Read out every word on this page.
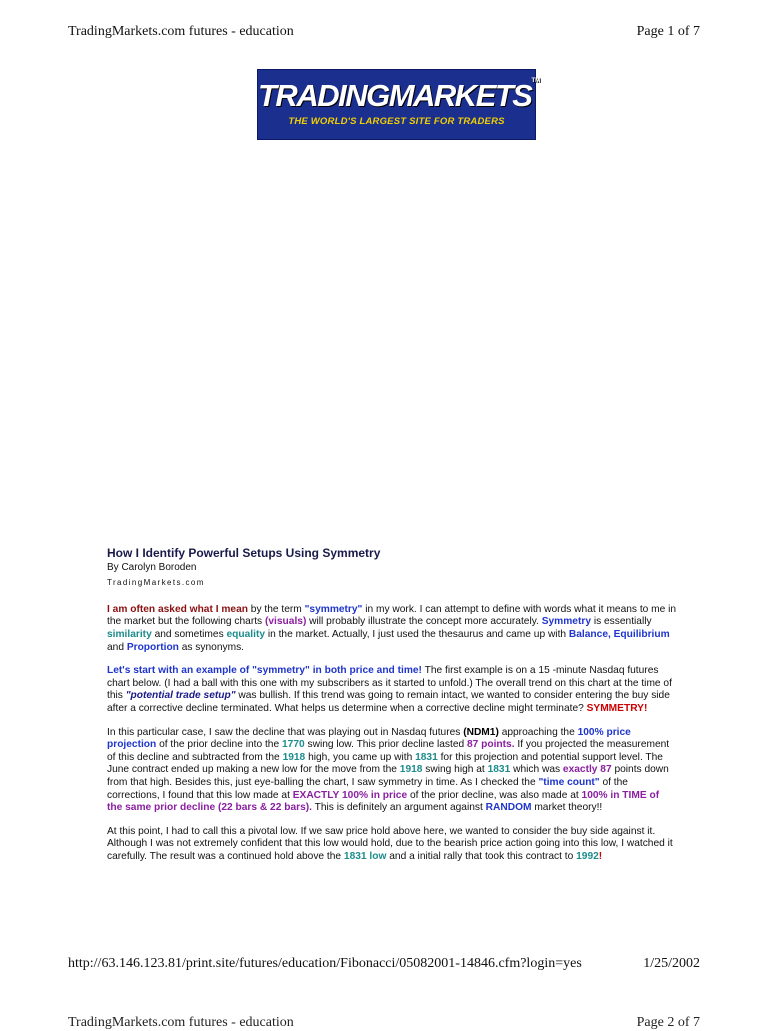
TradingMarkets.com futures - education	Page 1 of 7
TRADINGMARKETS™
THE WORLD'S LARGEST SITE FOR TRADERS
How I Identify Powerful Setups Using Symmetry
By Carolyn Boroden
TradingMarkets.com

I am often asked what I mean by the term "symmetry" in my work. I can attempt to define with words what it means to me in the market but the following charts (visuals) will probably illustrate the concept more accurately. Symmetry is essentially similarity and sometimes equality in the market. Actually, I just used the thesaurus and came up with Balance, Equilibrium and Proportion as synonyms.

Let's start with an example of "symmetry" in both price and time! The first example is on a 15 -minute Nasdaq futures chart below. (I had a ball with this one with my subscribers as it started to unfold.) The overall trend on this chart at the time of this "potential trade setup" was bullish. If this trend was going to remain intact, we wanted to consider entering the buy side after a corrective decline terminated. What helps us determine when a corrective decline might terminate? SYMMETRY!

In this particular case, I saw the decline that was playing out in Nasdaq futures (NDM1) approaching the 100% price projection of the prior decline into the 1770 swing low. This prior decline lasted 87 points. If you projected the measurement of this decline and subtracted from the 1918 high, you came up with 1831 for this projection and potential support level. The June contract ended up making a new low for the move from the 1918 swing high at 1831 which was exactly 87 points down from that high. Besides this, just eye-balling the chart, I saw symmetry in time. As I checked the "time count" of the corrections, I found that this low made at EXACTLY 100% in price of the prior decline, was also made at 100% in TIME of the same prior decline (22 bars & 22 bars). This is definitely an argument against RANDOM market theory!!

At this point, I had to call this a pivotal low. If we saw price hold above here, we wanted to consider the buy side against it. Although I was not extremely confident that this low would hold, due to the bearish price action going into this low, I watched it carefully. The result was a continued hold above the 1831 low and a initial rally that took this contract to 1992!

http://63.146.123.81/print.site/futures/education/Fibonacci/05082001-14846.cfm?login=yes	1/25/2002
TradingMarkets.com futures - education	Page 2 of 7
